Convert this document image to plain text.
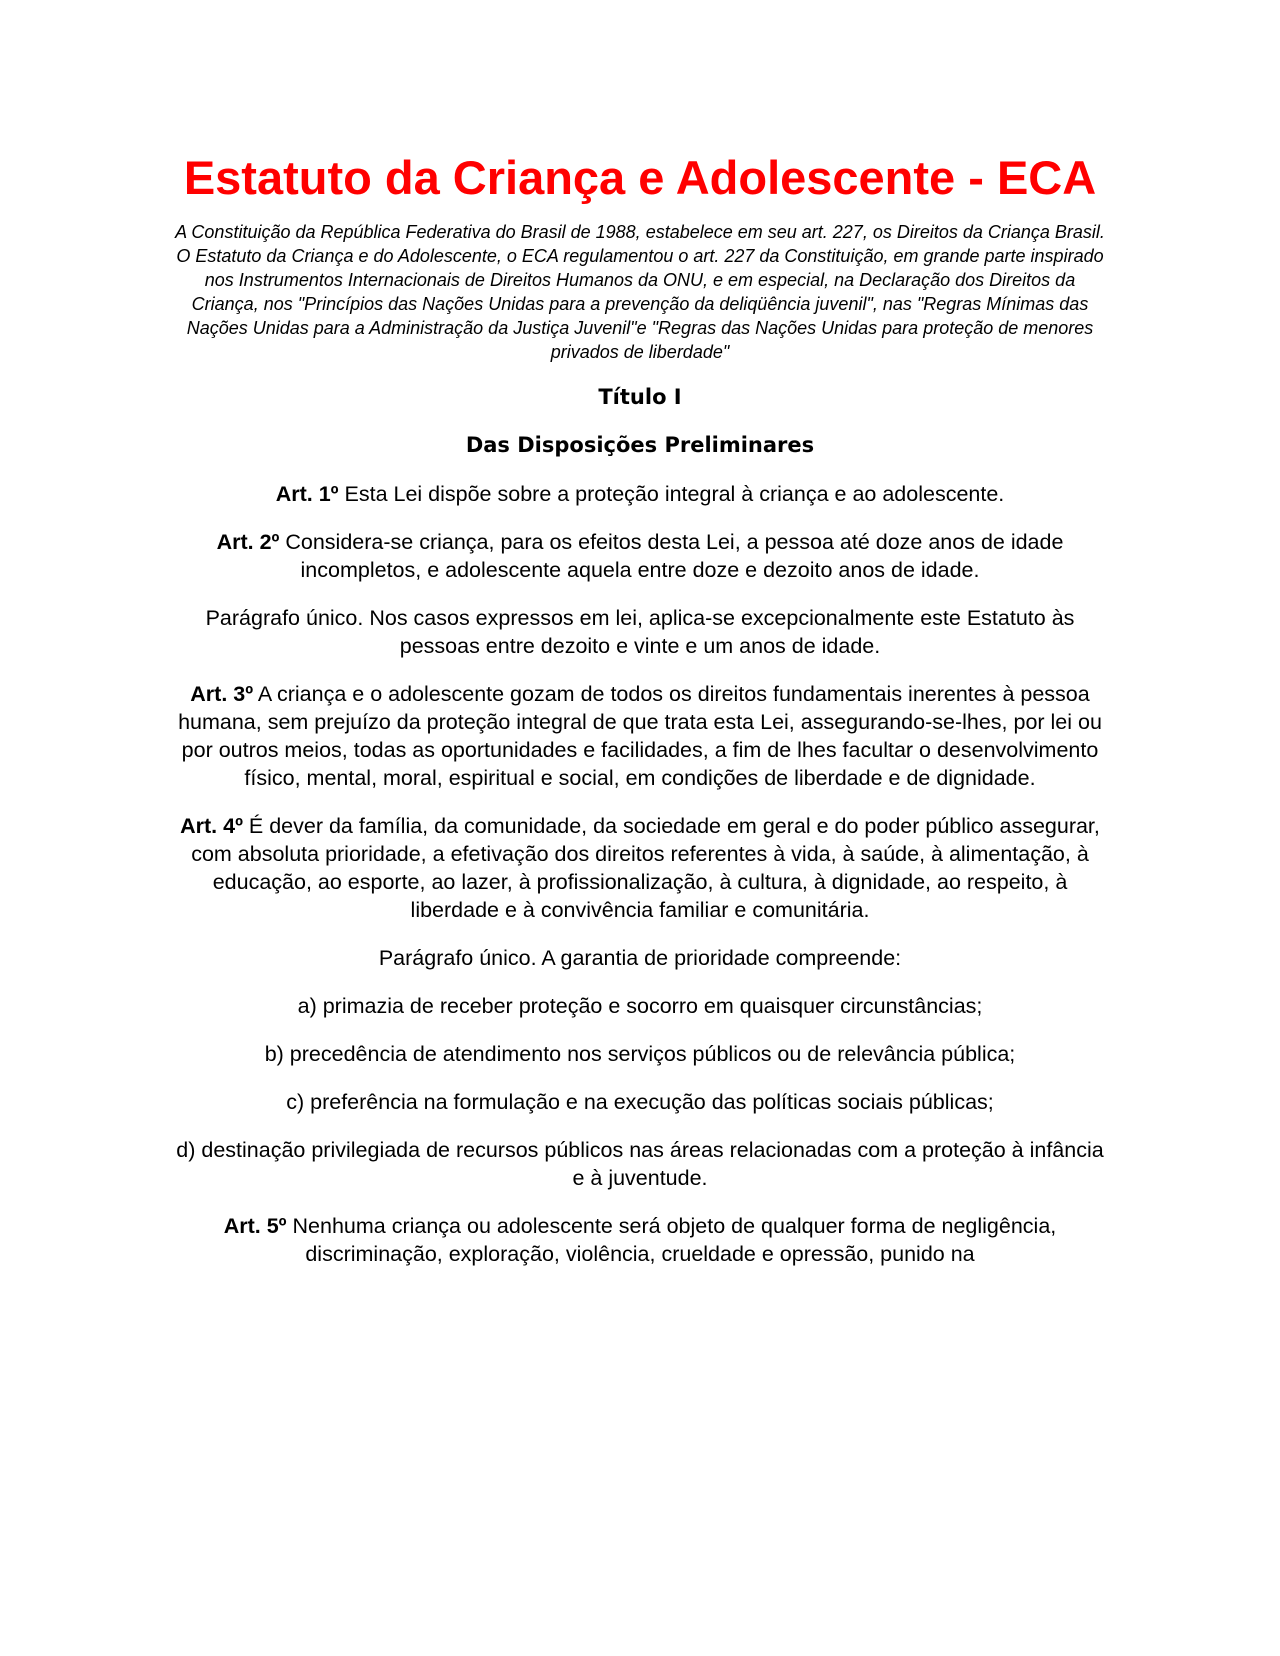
Estatuto da Criança e Adolescente - ECA
A Constituição da República Federativa do Brasil de 1988, estabelece em seu art. 227, os Direitos da Criança Brasil. O Estatuto da Criança e do Adolescente, o ECA regulamentou o art. 227 da Constituição, em grande parte inspirado nos Instrumentos Internacionais de Direitos Humanos da ONU, e em especial, na Declaração dos Direitos da Criança, nos "Princípios das Nações Unidas para a prevenção da deliqüência juvenil", nas "Regras Mínimas das Nações Unidas para a Administração da Justiça Juvenil"e "Regras das Nações Unidas para proteção de menores privados de liberdade"
Título I
Das Disposições Preliminares
Art. 1º Esta Lei dispõe sobre a proteção integral à criança e ao adolescente.
Art. 2º Considera-se criança, para os efeitos desta Lei, a pessoa até doze anos de idade incompletos, e adolescente aquela entre doze e dezoito anos de idade.
Parágrafo único. Nos casos expressos em lei, aplica-se excepcionalmente este Estatuto às pessoas entre dezoito e vinte e um anos de idade.
Art. 3º A criança e o adolescente gozam de todos os direitos fundamentais inerentes à pessoa humana, sem prejuízo da proteção integral de que trata esta Lei, assegurando-se-lhes, por lei ou por outros meios, todas as oportunidades e facilidades, a fim de lhes facultar o desenvolvimento físico, mental, moral, espiritual e social, em condições de liberdade e de dignidade.
Art. 4º É dever da família, da comunidade, da sociedade em geral e do poder público assegurar, com absoluta prioridade, a efetivação dos direitos referentes à vida, à saúde, à alimentação, à educação, ao esporte, ao lazer, à profissionalização, à cultura, à dignidade, ao respeito, à liberdade e à convivência familiar e comunitária.
Parágrafo único. A garantia de prioridade compreende:
a) primazia de receber proteção e socorro em quaisquer circunstâncias;
b) precedência de atendimento nos serviços públicos ou de relevância pública;
c) preferência na formulação e na execução das políticas sociais públicas;
d) destinação privilegiada de recursos públicos nas áreas relacionadas com a proteção à infância e à juventude.
Art. 5º Nenhuma criança ou adolescente será objeto de qualquer forma de negligência, discriminação, exploração, violência, crueldade e opressão, punido na
